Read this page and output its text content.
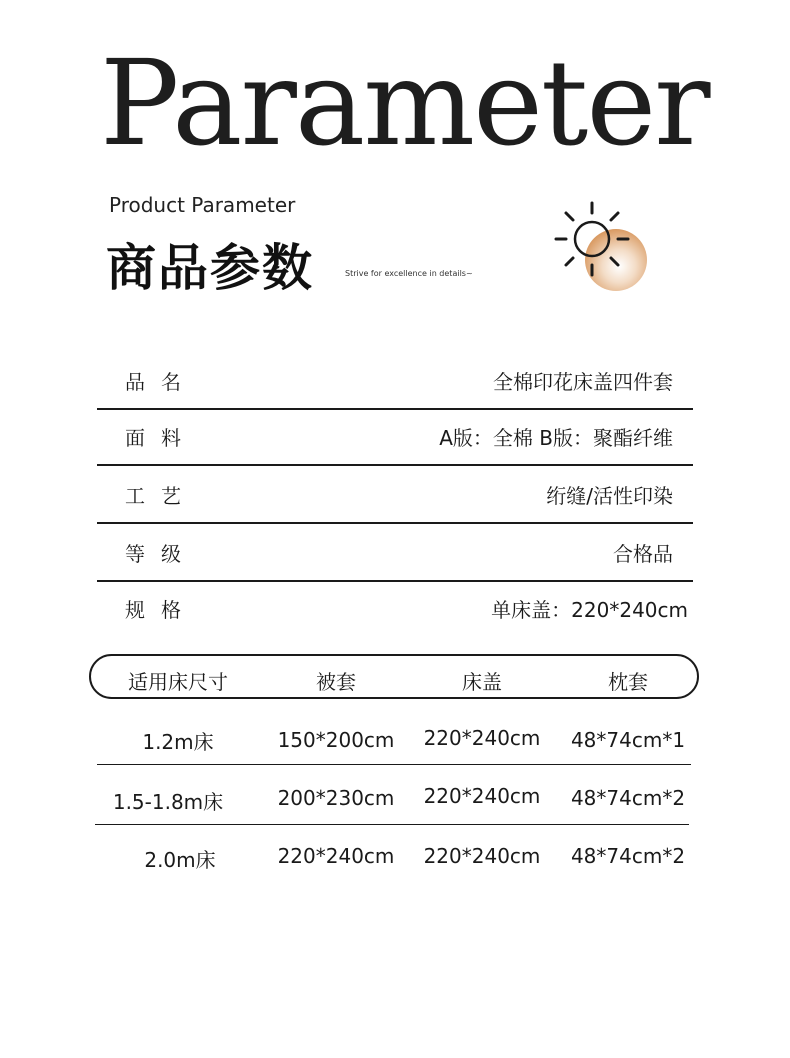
Parameter
Product Parameter
商品参数	Strive for excellence in details~
品名	全棉印花床盖四件套
面料	A版：全棉 B版：聚酯纤维
工艺	绗缝/活性印染
等级	合格品
规格	单床盖：220*240cm
适用床尺寸	被套	床盖	枕套
1.2m床	150*200cm	220*240cm	48*74cm*1
1.5-1.8m床	200*230cm	220*240cm	48*74cm*2
2.0m床	220*240cm	220*240cm	48*74cm*2
